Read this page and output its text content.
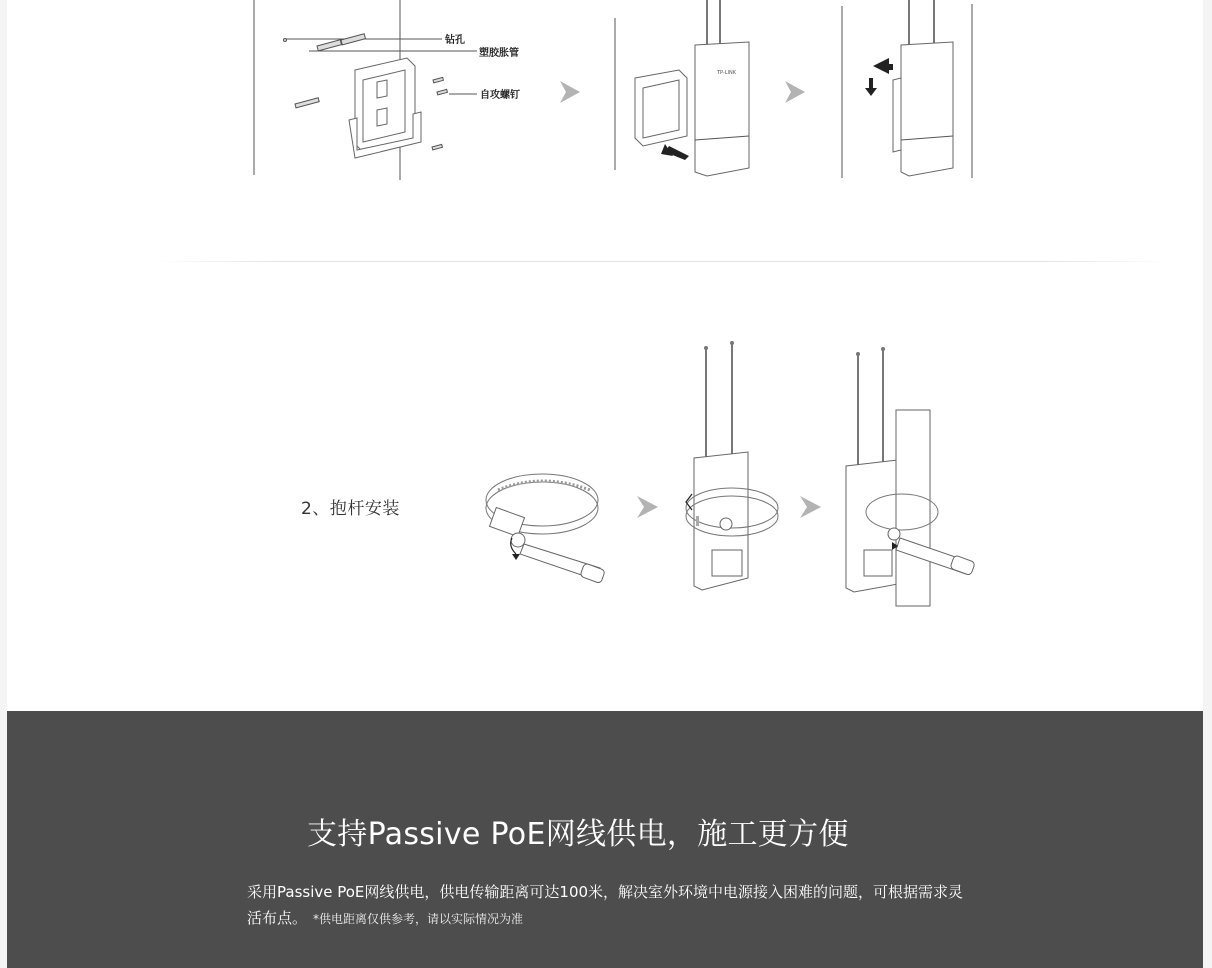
钻孔
塑胶胀管
自攻螺钉
TP-LINK
2、抱杆安装
支持Passive PoE网线供电，施工更方便
采用Passive PoE网线供电，供电传输距离可达100米，解决室外环境中电源接入困难的问题，可根据需求灵活布点。 *供电距离仅供参考，请以实际情况为准
